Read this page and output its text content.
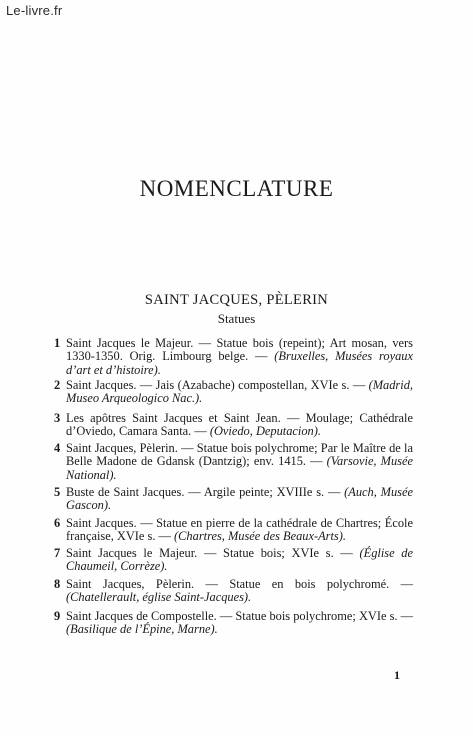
Le-livre.fr
NOMENCLATURE
SAINT JACQUES, PÈLERIN
Statues
1 Saint Jacques le Majeur. — Statue bois (repeint); Art mosan, vers 1330-1350. Orig. Limbourg belge. — (Bruxelles, Musées royaux d’art et d’histoire).
2 Saint Jacques. — Jais (Azabache) compostellan, XVIe s. — (Madrid, Museo Arqueologico Nac.).
3 Les apôtres Saint Jacques et Saint Jean. — Moulage; Cathédrale d’Oviedo, Camara Santa. — (Oviedo, Deputacion).
4 Saint Jacques, Pèlerin. — Statue bois polychrome; Par le Maître de la Belle Madone de Gdansk (Dantzig); env. 1415. — (Varsovie, Musée National).
5 Buste de Saint Jacques. — Argile peinte; XVIIIe s. — (Auch, Musée Gascon).
6 Saint Jacques. — Statue en pierre de la cathédrale de Chartres; École française, XVIe s. — (Chartres, Musée des Beaux-Arts).
7 Saint Jacques le Majeur. — Statue bois; XVIe s. — (Église de Chaumeil, Corrèze).
8 Saint Jacques, Pèlerin. — Statue en bois polychromé. — (Chatellerault, église Saint-Jacques).
9 Saint Jacques de Compostelle. — Statue bois polychrome; XVIe s. — (Basilique de l’Épine, Marne).
1
